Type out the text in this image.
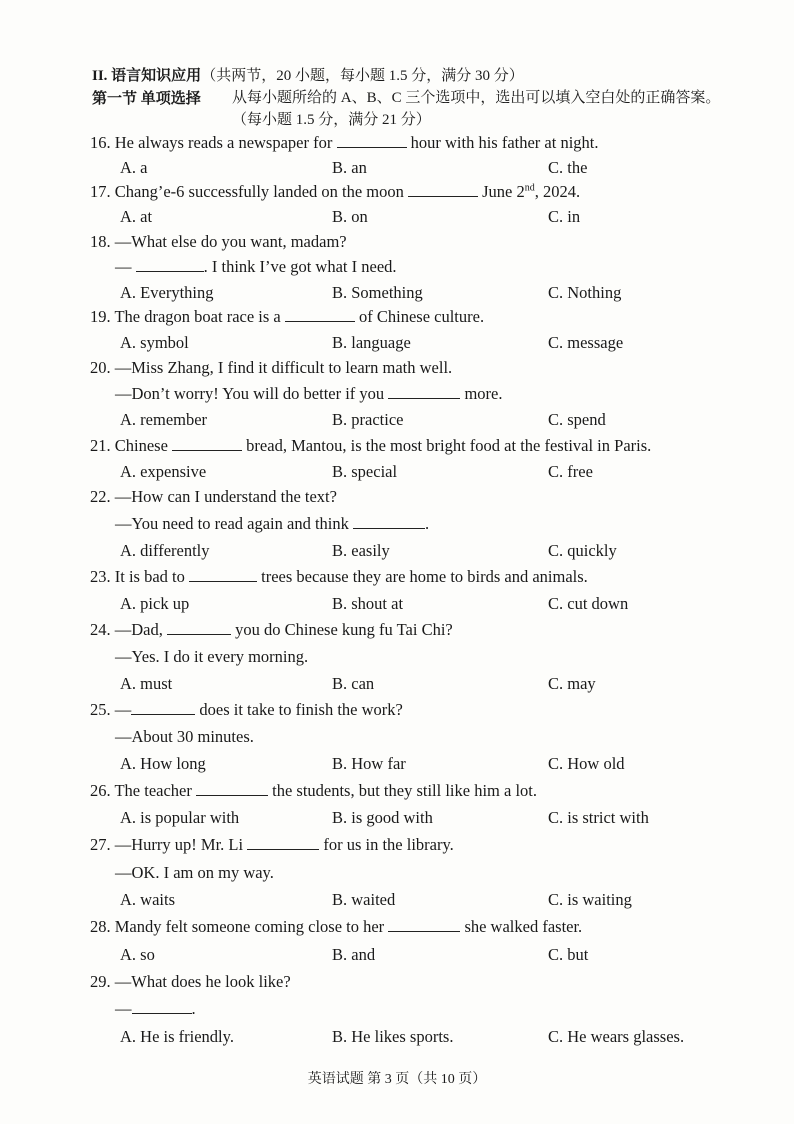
II. 语言知识应用（共两节，20 小题，每小题 1.5 分，满分 30 分）
第一节 单项选择 从每小题所给的 A、B、C 三个选项中，选出可以填入空白处的正确答案。（每小题 1.5 分，满分 21 分）
16. He always reads a newspaper for	hour with his father at night.
A. a	B. an	C. the
17. Chang’e-6 successfully landed on the moon	June 2nd, 2024.
A. at	B. on	C. in
18. —What else do you want, madam?
—	. I think I’ve got what I need.
A. Everything	B. Something	C. Nothing
19. The dragon boat race is a	of Chinese culture.
A. symbol	B. language	C. message
20. —Miss Zhang, I find it difficult to learn math well.
—Don’t worry! You will do better if you	more.
A. remember	B. practice	C. spend
21. Chinese	bread, Mantou, is the most bright food at the festival in Paris.
A. expensive	B. special	C. free
22. —How can I understand the text?
—You need to read again and think	.
A. differently	B. easily	C. quickly
23. It is bad to	trees because they are home to birds and animals.
A. pick up	B. shout at	C. cut down
24. —Dad,	you do Chinese kung fu Tai Chi?
—Yes. I do it every morning.
A. must	B. can	C. may
25. —	does it take to finish the work?
—About 30 minutes.
A. How long	B. How far	C. How old
26. The teacher	the students, but they still like him a lot.
A. is popular with	B. is good with	C. is strict with
27. —Hurry up! Mr. Li	for us in the library.
—OK. I am on my way.
A. waits	B. waited	C. is waiting
28. Mandy felt someone coming close to her	she walked faster.
A. so	B. and	C. but
29. —What does he look like?
—	.
A. He is friendly.	B. He likes sports.	C. He wears glasses.
英语试题 第 3 页（共 10 页）
